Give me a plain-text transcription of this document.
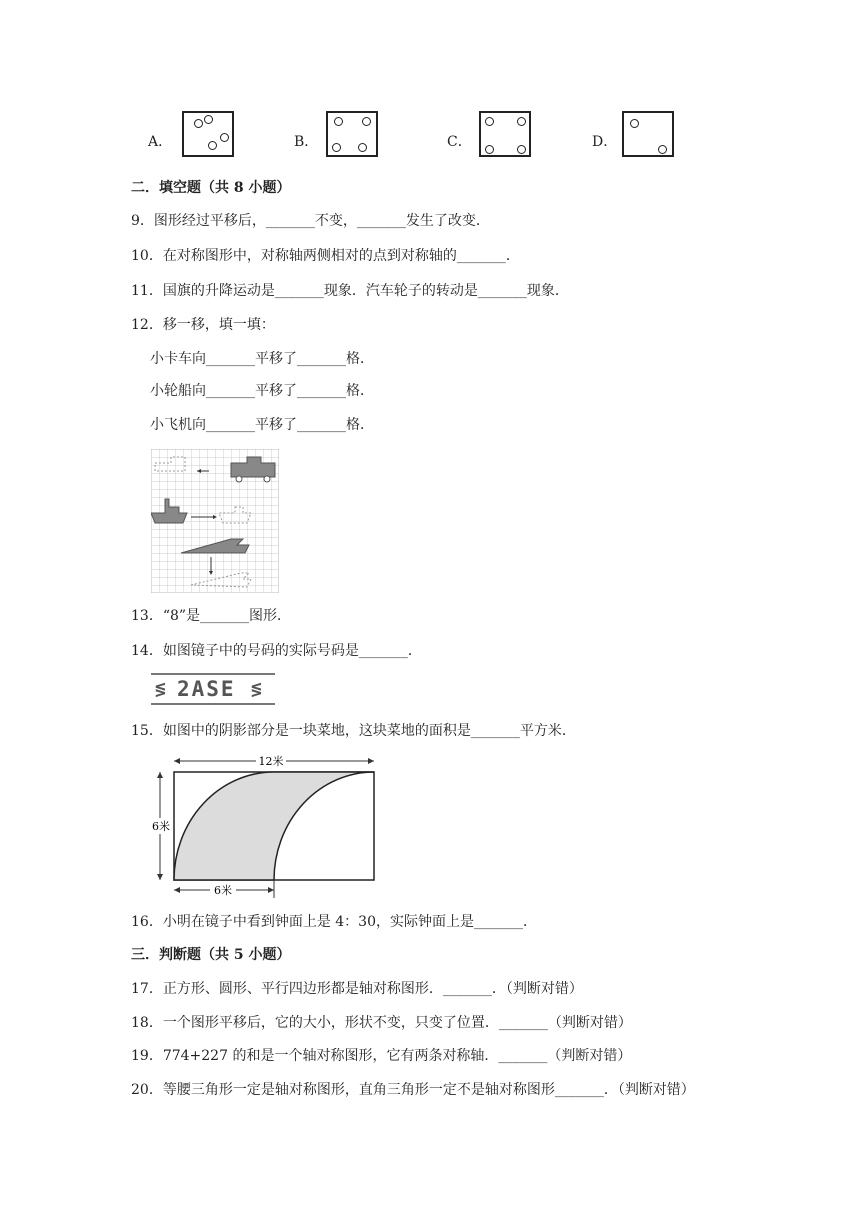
A．	B．	C．	D．
二．填空题（共 8 小题）
9．图形经过平移后，_______不变，_______发生了改变．
10．在对称图形中，对称轴两侧相对的点到对称轴的_______．
11．国旗的升降运动是_______现象．汽车轮子的转动是_______现象．
12．移一移，填一填：
小卡车向_______平移了_______格．
小轮船向_______平移了_______格．
小飞机向_______平移了_______格．
13．“8”是_______图形．
14．如图镜子中的号码的实际号码是_______．
≶ 2ASE ≶
15．如图中的阴影部分是一块菜地，这块菜地的面积是_______平方米．
12米
6米
6米
16．小明在镜子中看到钟面上是 4：30，实际钟面上是_______．
三．判断题（共 5 小题）
17．正方形、圆形、平行四边形都是轴对称图形．_______．（判断对错）
18．一个图形平移后，它的大小，形状不变，只变了位置．_______（判断对错）
19．774+227 的和是一个轴对称图形，它有两条对称轴．_______（判断对错）
20．等腰三角形一定是轴对称图形，直角三角形一定不是轴对称图形_______．（判断对错）
